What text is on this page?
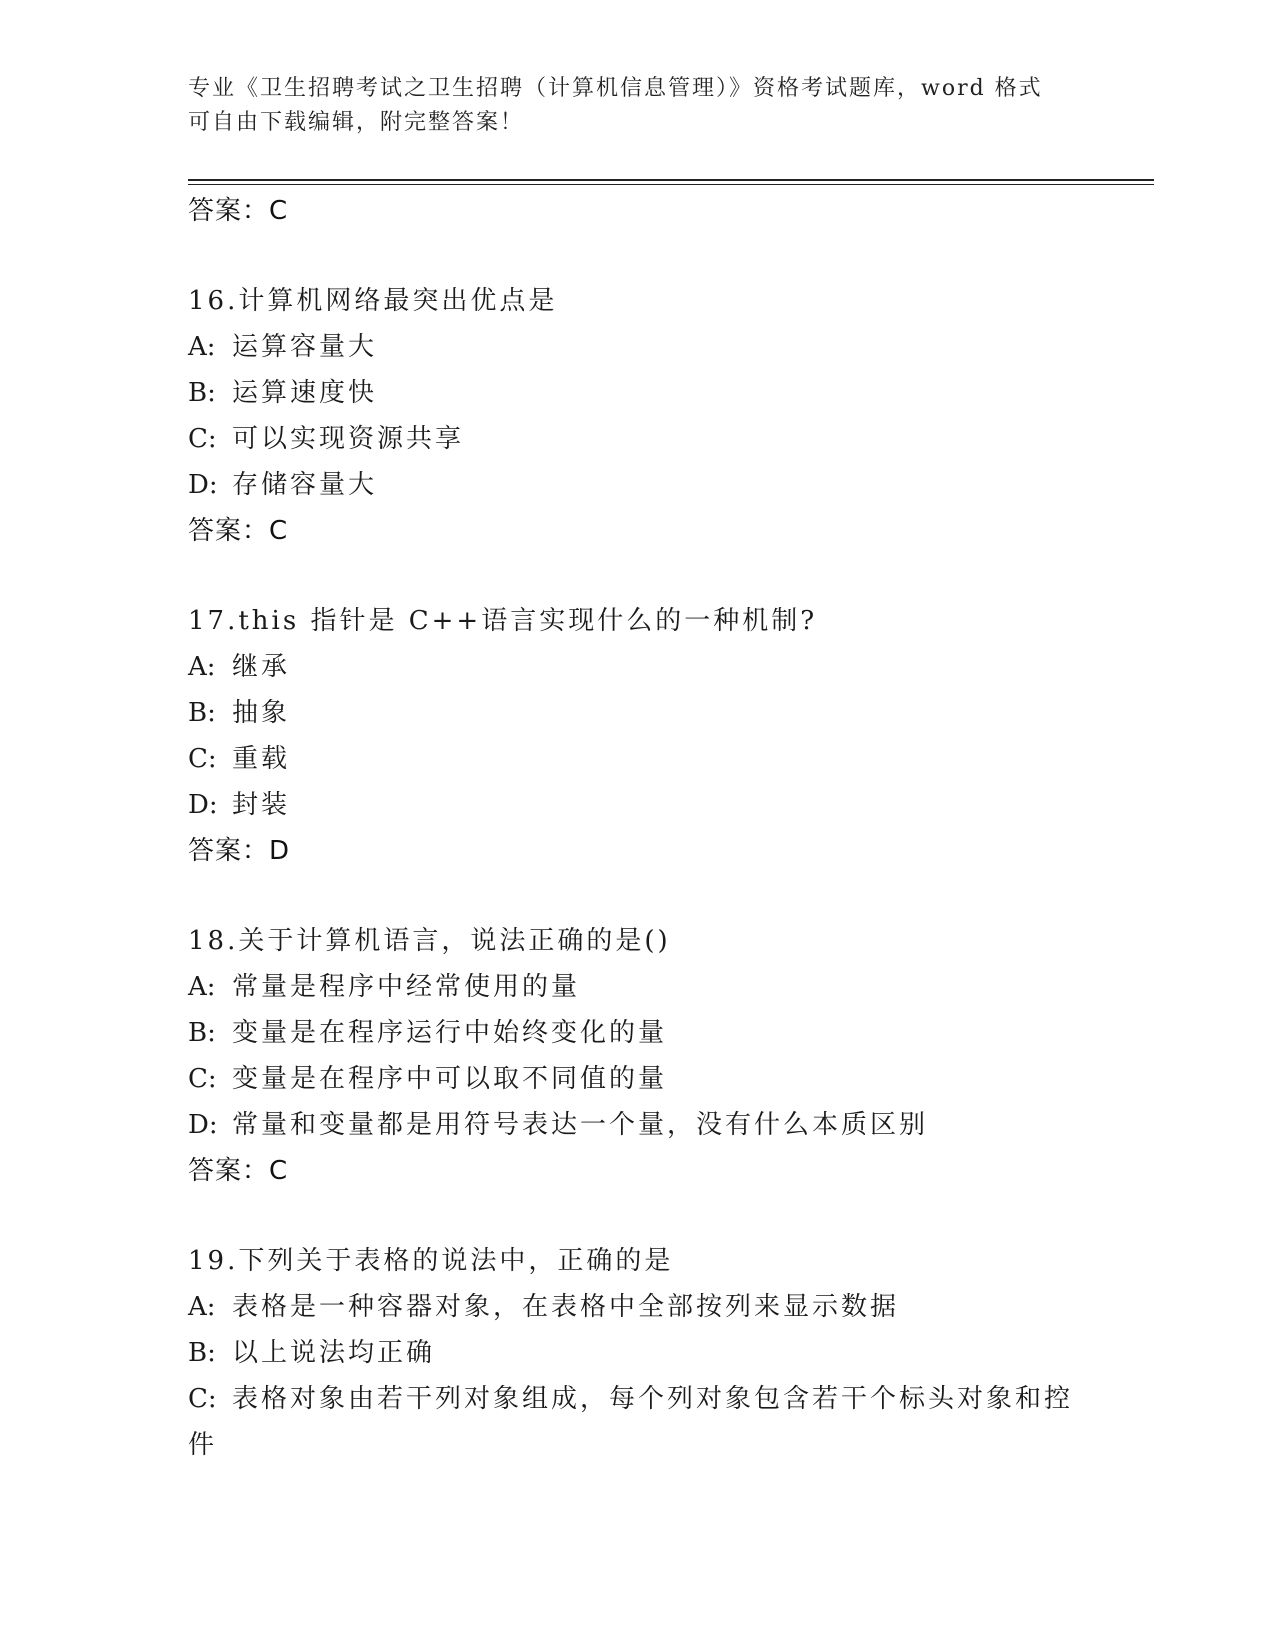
专业《卫生招聘考试之卫生招聘（计算机信息管理）》资格考试题库，word 格式
可自由下载编辑，附完整答案！
答案：C
16.计算机网络最突出优点是
A: 运算容量大
B: 运算速度快
C: 可以实现资源共享
D: 存储容量大
答案：C
17.this 指针是 C++语言实现什么的一种机制?
A: 继承
B: 抽象
C: 重载
D: 封装
答案：D
18.关于计算机语言，说法正确的是()
A: 常量是程序中经常使用的量
B: 变量是在程序运行中始终变化的量
C: 变量是在程序中可以取不同值的量
D: 常量和变量都是用符号表达一个量，没有什么本质区别
答案：C
19.下列关于表格的说法中，正确的是
A: 表格是一种容器对象，在表格中全部按列来显示数据
B: 以上说法均正确
C: 表格对象由若干列对象组成，每个列对象包含若干个标头对象和控
件
